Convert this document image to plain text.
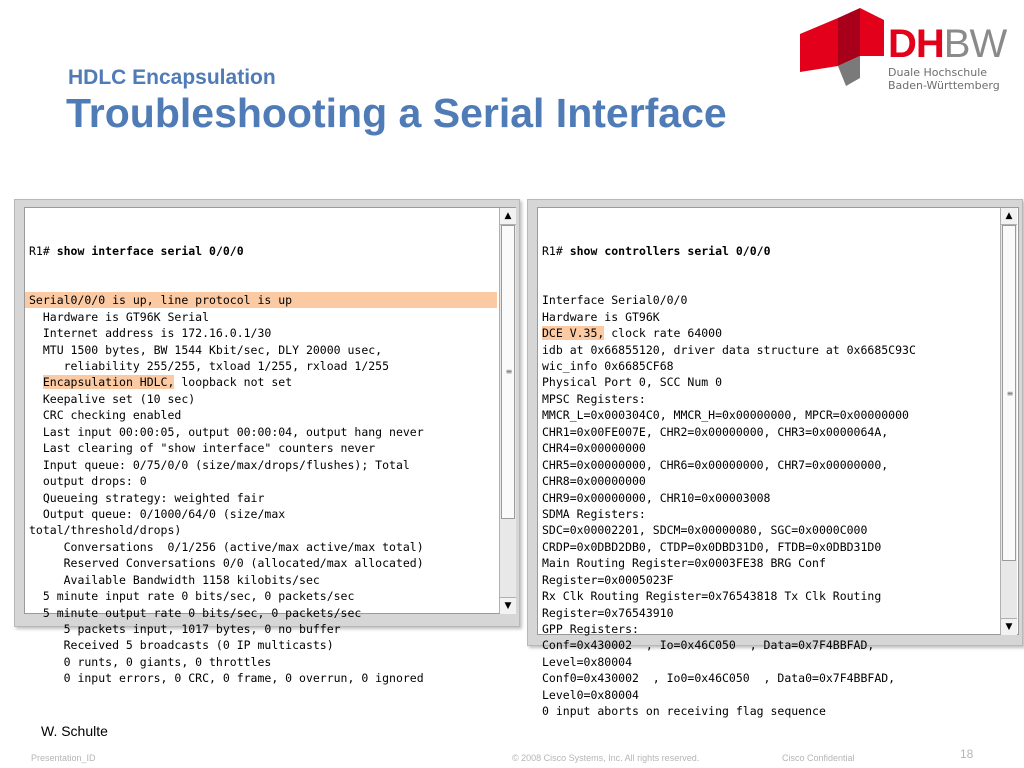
HDLC Encapsulation
Troubleshooting a Serial Interface
DHBW
Duale Hochschule
Baden-Württemberg

R1# show interface serial 0/0/0

Serial0/0/0 is up, line protocol is up
Hardware is GT96K Serial
Internet address is 172.16.0.1/30
MTU 1500 bytes, BW 1544 Kbit/sec, DLY 20000 usec,
reliability 255/255, txload 1/255, rxload 1/255
Encapsulation HDLC, loopback not set
Keepalive set (10 sec)
CRC checking enabled
Last input 00:00:05, output 00:00:04, output hang never
Last clearing of "show interface" counters never
Input queue: 0/75/0/0 (size/max/drops/flushes); Total
output drops: 0
Queueing strategy: weighted fair
Output queue: 0/1000/64/0 (size/max
total/threshold/drops)
Conversations  0/1/256 (active/max active/max total)
Reserved Conversations 0/0 (allocated/max allocated)
Available Bandwidth 1158 kilobits/sec
5 minute input rate 0 bits/sec, 0 packets/sec
5 minute output rate 0 bits/sec, 0 packets/sec
5 packets input, 1017 bytes, 0 no buffer
Received 5 broadcasts (0 IP multicasts)
0 runts, 0 giants, 0 throttles
0 input errors, 0 CRC, 0 frame, 0 overrun, 0 ignored
▲
≡
▼

R1# show controllers serial 0/0/0

Interface Serial0/0/0
Hardware is GT96K
DCE V.35, clock rate 64000
idb at 0x66855120, driver data structure at 0x6685C93C
wic_info 0x6685CF68
Physical Port 0, SCC Num 0
MPSC Registers:
MMCR_L=0x000304C0, MMCR_H=0x00000000, MPCR=0x00000000
CHR1=0x00FE007E, CHR2=0x00000000, CHR3=0x0000064A,
CHR4=0x00000000
CHR5=0x00000000, CHR6=0x00000000, CHR7=0x00000000,
CHR8=0x00000000
CHR9=0x00000000, CHR10=0x00003008
SDMA Registers:
SDC=0x00002201, SDCM=0x00000080, SGC=0x0000C000
CRDP=0x0DBD2DB0, CTDP=0x0DBD31D0, FTDB=0x0DBD31D0
Main Routing Register=0x0003FE38 BRG Conf
Register=0x0005023F
Rx Clk Routing Register=0x76543818 Tx Clk Routing
Register=0x76543910
GPP Registers:
Conf=0x430002  , Io=0x46C050  , Data=0x7F4BBFAD,
Level=0x80004
Conf0=0x430002  , Io0=0x46C050  , Data0=0x7F4BBFAD,
Level0=0x80004
0 input aborts on receiving flag sequence
▲
≡
▼
W. Schulte
Presentation_ID	© 2008 Cisco Systems, Inc. All rights reserved.	Cisco Confidential	18
